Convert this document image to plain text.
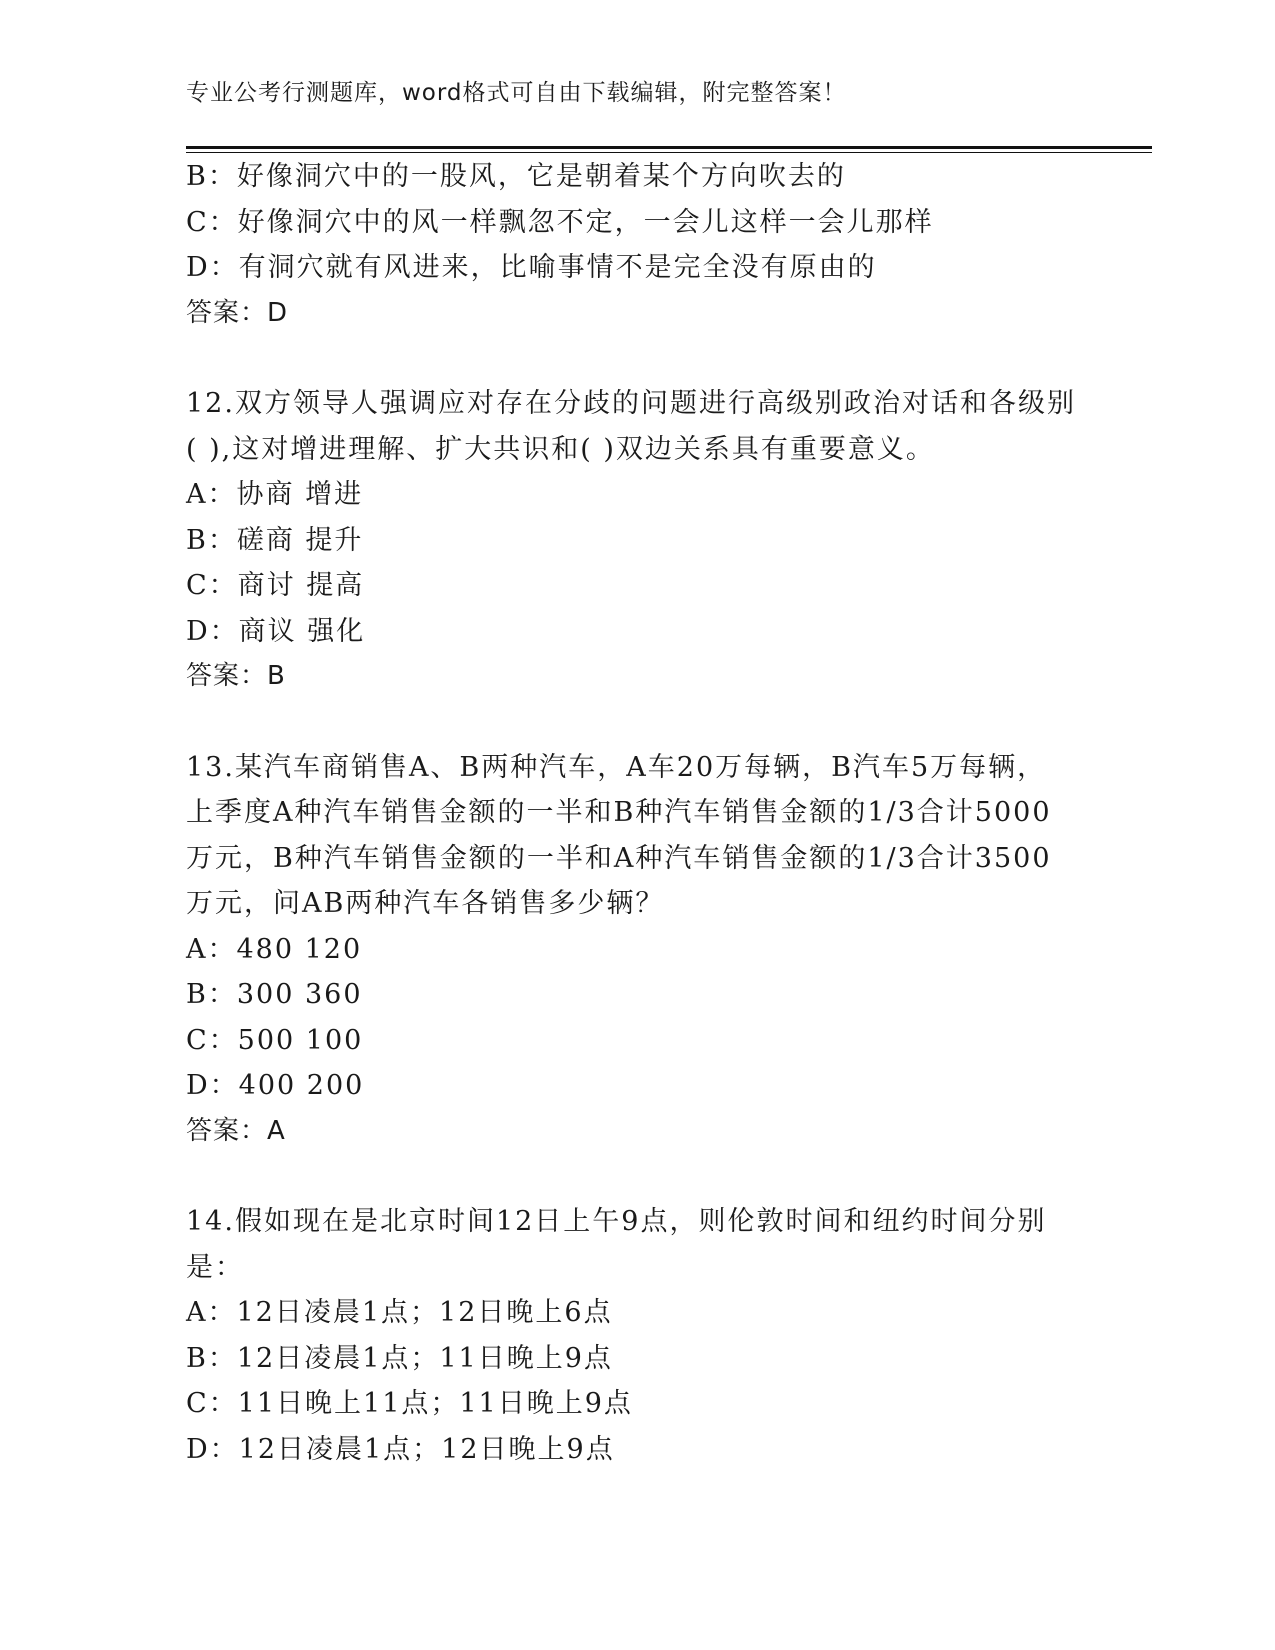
专业公考行测题库，word格式可自由下载编辑，附完整答案！
B：好像洞穴中的一股风，它是朝着某个方向吹去的
C：好像洞穴中的风一样飘忽不定，一会儿这样一会儿那样
D：有洞穴就有风进来，比喻事情不是完全没有原由的
答案：D
12.双方领导人强调应对存在分歧的问题进行高级别政治对话和各级别
( ),这对增进理解、扩大共识和( )双边关系具有重要意义。
A：协商 增进
B：磋商 提升
C：商讨 提高
D：商议 强化
答案：B
13.某汽车商销售A、B两种汽车，A车20万每辆，B汽车5万每辆，
上季度A种汽车销售金额的一半和B种汽车销售金额的1/3合计5000
万元，B种汽车销售金额的一半和A种汽车销售金额的1/3合计3500
万元，问AB两种汽车各销售多少辆？
A：480 120
B：300 360
C：500 100
D：400 200
答案：A
14.假如现在是北京时间12日上午9点，则伦敦时间和纽约时间分别
是：
A：12日凌晨1点；12日晚上6点
B：12日凌晨1点；11日晚上9点
C：11日晚上11点；11日晚上9点
D：12日凌晨1点；12日晚上9点
